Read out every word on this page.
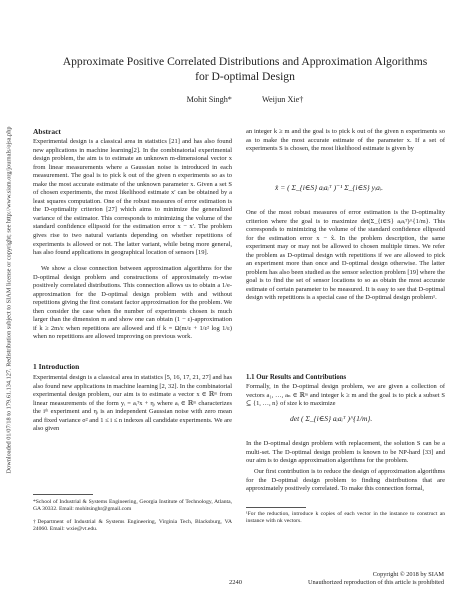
Downloaded 01/07/18 to 179.61.134.127. Redistribution subject to SIAM license or copyright; see http://www.siam.org/journals/ojsa.php
Approximate Positive Correlated Distributions and Approximation Algorithms
for D-optimal Design
Mohit Singh*	Weijun Xie†
Abstract
Experimental design is a classical area in statistics [21] and has also found new applications in machine learning[2]. In the combinatorial experimental design problem, the aim is to estimate an unknown m-dimensional vector x from linear measurements where a Gaussian noise is introduced in each measurement. The goal is to pick k out of the given n experiments so as to make the most accurate estimate of the unknown parameter x. Given a set S of chosen experiments, the most likelihood estimate x′ can be obtained by a least squares computation. One of the robust measures of error estimation is the D-optimality criterion [27] which aims to minimize the generalized variance of the estimator. This corresponds to minimizing the volume of the standard confidence ellipsoid for the estimation error x − x′. The problem gives rise to two natural variants depending on whether repetitions of experiments is allowed or not. The latter variant, while being more general, has also found applications in geographical location of sensors [19].
We show a close connection between approximation algorithms for the D-optimal design problem and constructions of approximately m-wise positively correlated distributions. This connection allows us to obtain a 1/e-approximation for the D-optimal design problem with and without repetitions giving the first constant factor approximation for the problem. We then consider the case when the number of experiments chosen is much larger than the dimension m and show one can obtain (1 − ε)-approximation if k ≥ 2m/ε when repetitions are allowed and if k = Ω(m/ε + 1/ε² log 1/ε) when no repetitions are allowed improving on previous work.
1 Introduction
Experimental design is a classical area in statistics [5, 16, 17, 21, 27] and has also found new applications in machine learning [2, 32]. In the combinatorial experimental design problem, our aim is to estimate a vector x ∈ ℝᵐ from linear measurements of the form yᵢ = aᵢᵀx + ηᵢ where aᵢ ∈ ℝᵐ characterizes the iᵗʰ experiment and ηᵢ is an independent Gaussian noise with zero mean and fixed variance σ² and 1 ≤ i ≤ n indexes all candidate experiments. We are also given
*School of Industrial & Systems Engineering, Georgia Institute of Technology, Atlanta, GA 30332. Email: mohitsinghr@gmail.com
†Department of Industrial & Systems Engineering, Virginia Tech, Blacksburg, VA 24060. Email: wxie@vt.edu.
an integer k ≥ m and the goal is to pick k out of the given n experiments so as to make the most accurate estimate of the parameter x. If a set of experiments S is chosen, the most likelihood estimate is given by
x̂ = ( Σ_{i∈S} aᵢaᵢᵀ )⁻¹ Σ_{i∈S} yᵢaᵢ.
One of the most robust measures of error estimation is the D-optimality criterion where the goal is to maximize det(Σ_{i∈S} aᵢaᵢᵀ)^{1/m}. This corresponds to minimizing the volume of the standard confidence ellipsoid for the estimation error x − x̂. In the problem description, the same experiment may or may not be allowed to chosen multiple times. We refer the problem as D-optimal design with repetitions if we are allowed to pick an experiment more than once and D-optimal design otherwise. The latter problem has also been studied as the sensor selection problem [19] where the goal is to find the set of sensor locations to so as obtain the most accurate estimate of certain parameter to be measured. It is easy to see that D-optimal design with repetitions is a special case of the D-optimal design problem¹.
1.1 Our Results and Contributions
Formally, in the D-optimal design problem, we are given a collection of vectors a₁, …, aₙ ∈ ℝᵐ and integer k ≥ m and the goal is to pick a subset S ⊆ {1, …, n} of size k to maximize
det ( Σ_{i∈S} aᵢaᵢᵀ )^{1/m}.
In the D-optimal design problem with replacement, the solution S can be a multi-set. The D-optimal design problem is known to be NP-hard [33] and our aim is to design approximation algorithms for the problem.
Our first contribution is to reduce the design of approximation algorithms for the D-optimal design problem to finding distributions that are approximately positively correlated. To make this connection formal,
¹For the reduction, introduce k copies of each vector in the instance to construct an instance with nk vectors.
Copyright © 2018 by SIAM
2240	Unauthorized reproduction of this article is prohibited
